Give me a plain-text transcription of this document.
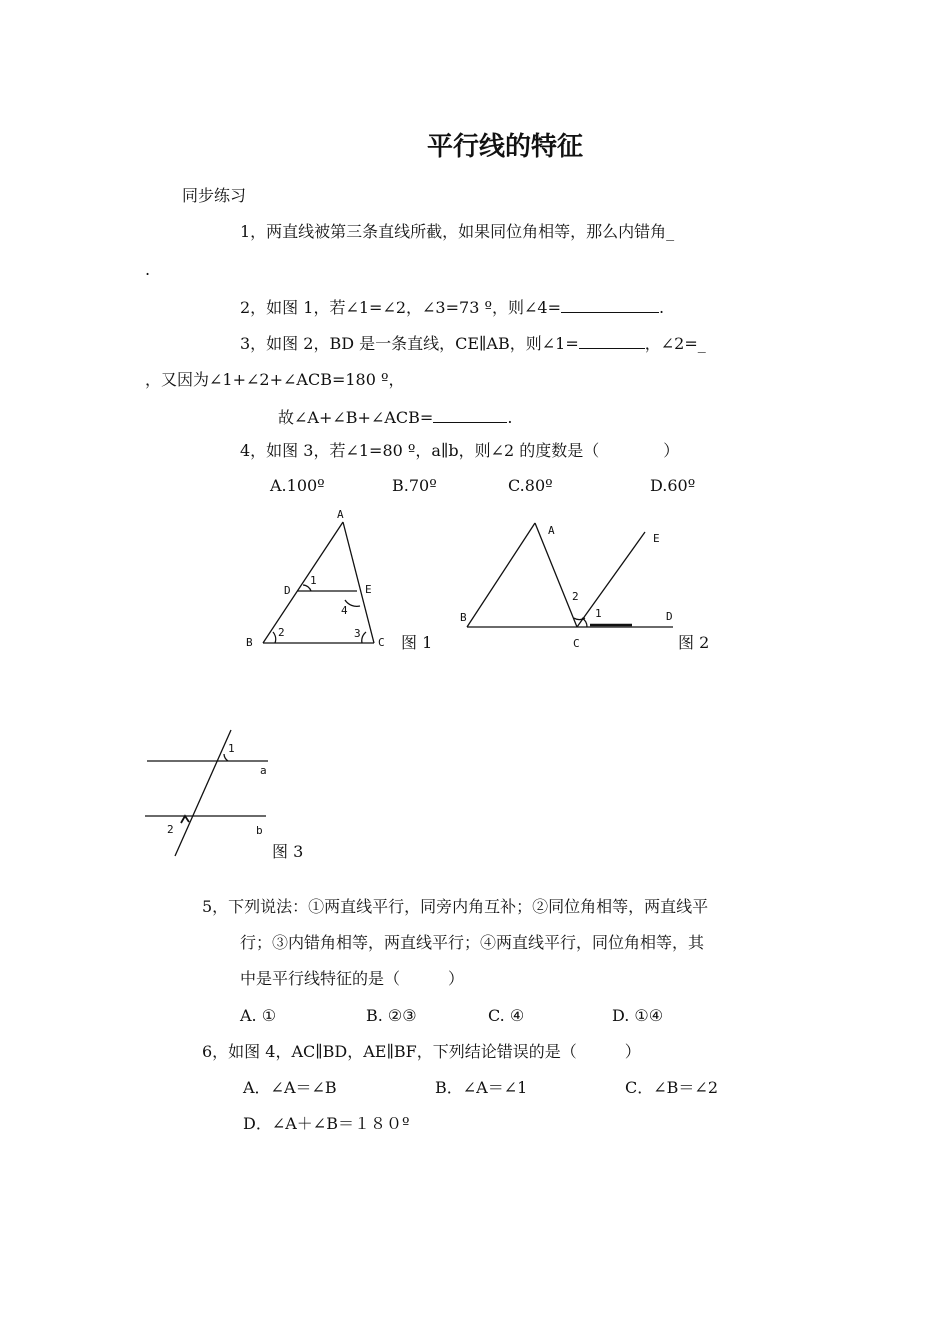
平行线的特征
同步练习
1，两直线被第三条直线所截，如果同位角相等，那么内错角_
.
2，如图 1，若∠1=∠2，∠3=73 º，则∠4=	.
3，如图 2，BD 是一条直线，CE∥AB，则∠1=	，∠2=_
，又因为∠1+∠2+∠ACB=180 º，
故∠A+∠B+∠ACB=	.
4，如图 3，若∠1=80 º，a∥b，则∠2 的度数是（　　　　）
A.100º	B.70º	C.80º	D.60º
A
B	C
D	E
1
2	3
4
图 1
A
B
C
D
E
1
2
图 2
1
a
2	b
图 3
5，下列说法：①两直线平行，同旁内角互补；②同位角相等，两直线平
行；③内错角相等，两直线平行；④两直线平行，同位角相等，其
中是平行线特征的是（　　　）
A. ①	B. ②③	C. ④	D. ①④
6，如图 4，AC∥BD，AE∥BF，下列结论错误的是（　　　）
A．∠A＝∠B	B．∠A＝∠1	C．∠B＝∠2
D．∠A＋∠B＝１８０º
